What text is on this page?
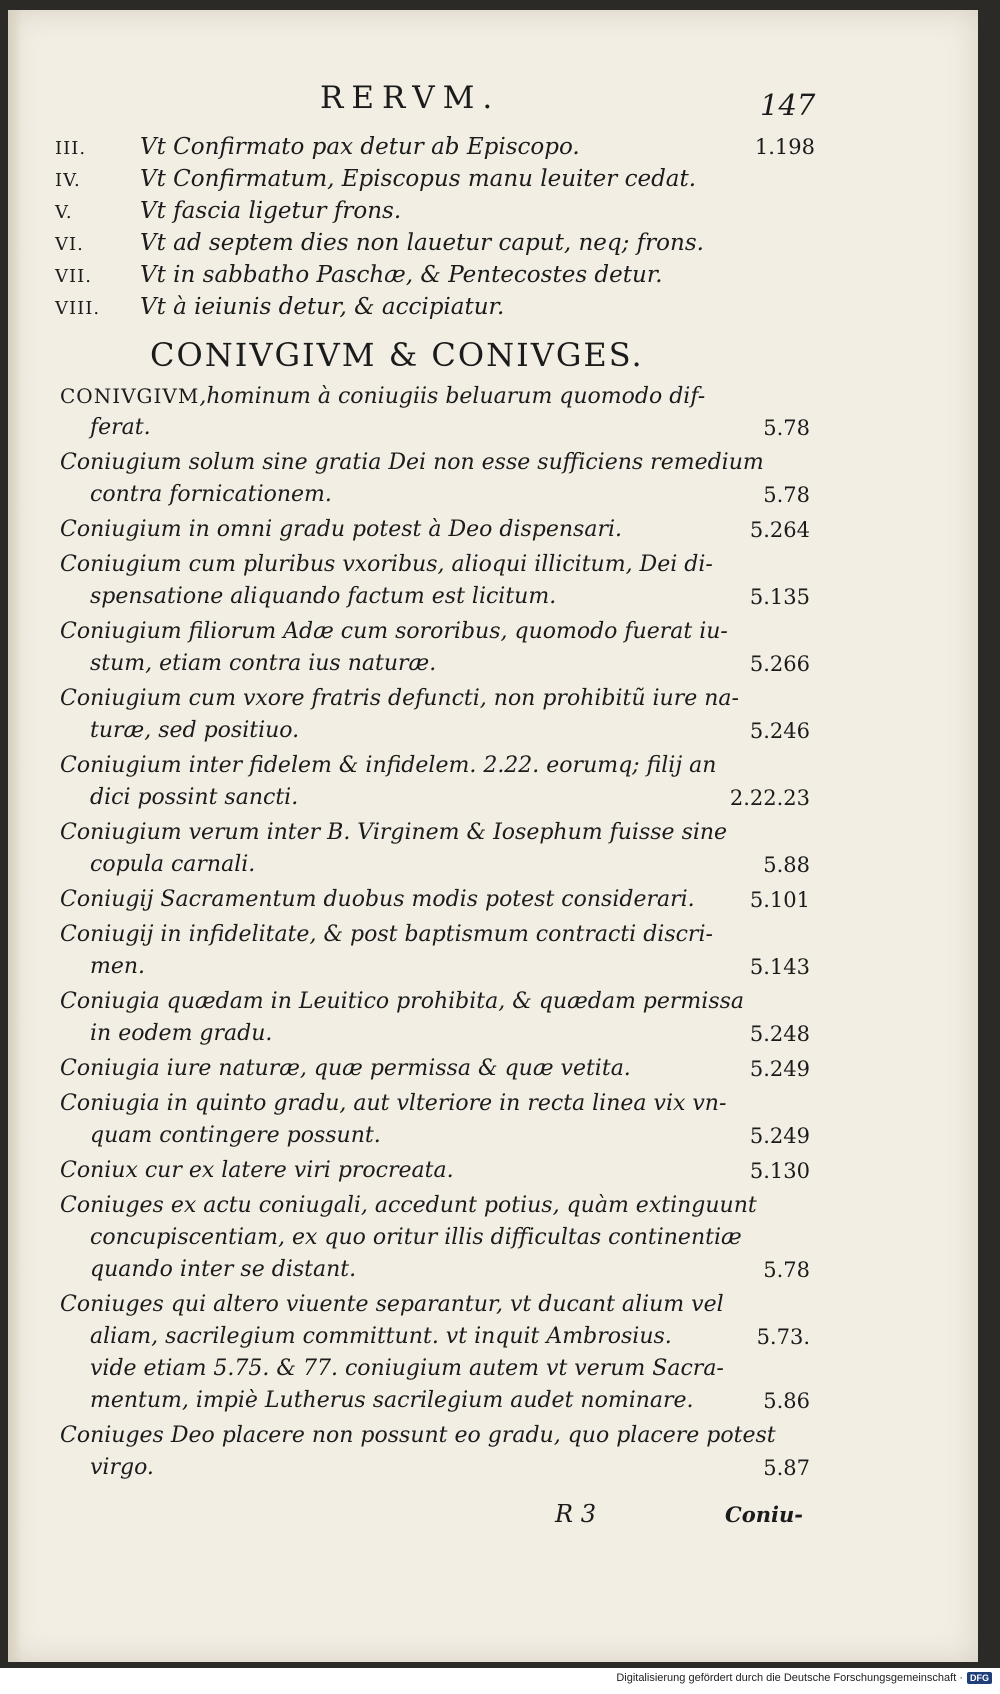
RERVM.	147
III.	Vt Confirmato pax detur ab Episcopo.	1.198
IV.	Vt Confirmatum, Episcopus manu leuiter cedat.
V.	Vt fascia ligetur frons.
VI.	Vt ad septem dies non lauetur caput, neq; frons.
VII.	Vt in sabbatho Paschæ, & Pentecostes detur.
VIII.	Vt à ieiunis detur, & accipiatur.
CONIVGIVM & CONIVGES.
CONIVGIVM,hominum à coniugiis beluarum quomodo dif-
ferat.	5.78
Coniugium solum sine gratia Dei non esse sufficiens remedium
contra fornicationem.	5.78
Coniugium in omni gradu potest à Deo dispensari.	5.264
Coniugium cum pluribus vxoribus, alioqui illicitum, Dei di-
spensatione aliquando factum est licitum.	5.135
Coniugium filiorum Adæ cum sororibus, quomodo fuerat iu-
stum, etiam contra ius naturæ.	5.266
Coniugium cum vxore fratris defuncti, non prohibitũ iure na-
turæ, sed positiuo.	5.246
Coniugium inter fidelem & infidelem. 2.22. eorumq; filij an
dici possint sancti.	2.22.23
Coniugium verum inter B. Virginem & Iosephum fuisse sine
copula carnali.	5.88
Coniugij Sacramentum duobus modis potest considerari.	5.101
Coniugij in infidelitate, & post baptismum contracti discri-
men.	5.143
Coniugia quædam in Leuitico prohibita, & quædam permissa
in eodem gradu.	5.248
Coniugia iure naturæ, quæ permissa & quæ vetita.	5.249
Coniugia in quinto gradu, aut vlteriore in recta linea vix vn-
quam contingere possunt.	5.249
Coniux cur ex latere viri procreata.	5.130
Coniuges ex actu coniugali, accedunt potius, quàm extinguunt
concupiscentiam, ex quo oritur illis difficultas continentiæ
quando inter se distant.	5.78
Coniuges qui altero viuente separantur, vt ducant alium vel
aliam, sacrilegium committunt. vt inquit Ambrosius.	5.73.
vide etiam 5.75. & 77. coniugium autem vt verum Sacra-
mentum, impiè Lutherus sacrilegium audet nominare.	5.86
Coniuges Deo placere non possunt eo gradu, quo placere potest
virgo.	5.87
R 3	Coniu-
Digitalisierung gefördert durch die Deutsche Forschungsgemeinschaft · DFG
